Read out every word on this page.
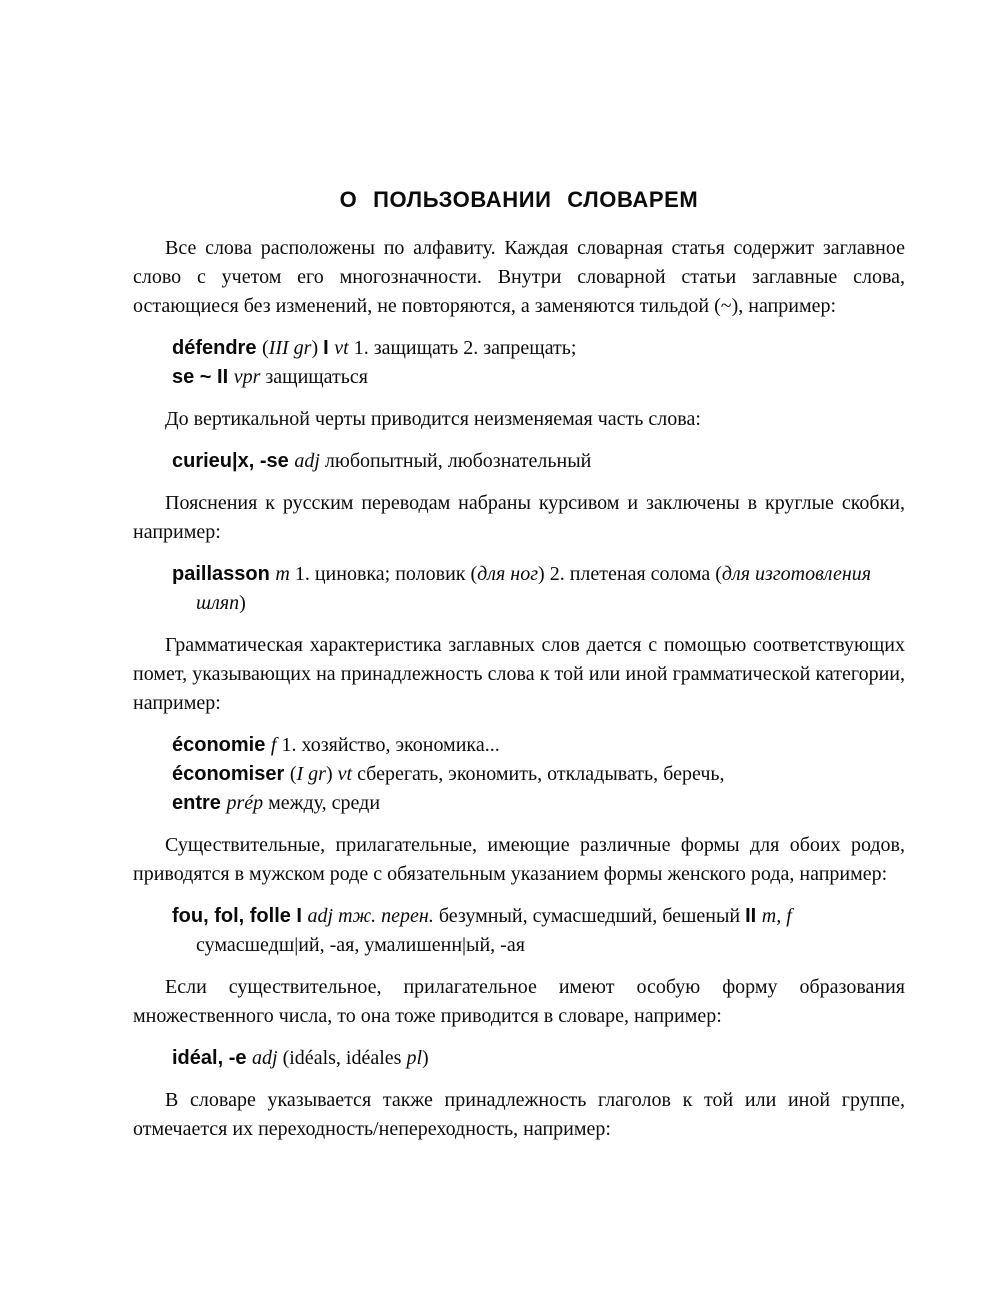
О ПОЛЬЗОВАНИИ СЛОВАРЕМ

Все слова расположены по алфавиту. Каждая словарная статья содержит заглавное слово с учетом его многозначности. Внутри словарной статьи заглавные слова, остающиеся без изменений, не повторяются, а заменяются тильдой (~), например:

défendre (III gr) I vt 1. защищать 2. запрещать;
se ~ II vpr защищаться

До вертикальной черты приводится неизменяемая часть слова:

curieu|x, -se adj любопытный, любознательный

Пояснения к русским переводам набраны курсивом и заключены в круглые скобки, например:

paillasson m 1. циновка; половик (для ног) 2. плетеная солома (для изготовления
шляп)

Грамматическая характеристика заглавных слов дается с помощью соответствующих помет, указывающих на принадлежность слова к той или иной грамматической категории, например:

économie f 1. хозяйство, экономика...
économiser (I gr) vt сберегать, экономить, откладывать, беречь,
entre prép между, среди

Существительные, прилагательные, имеющие различные формы для обоих родов, приводятся в мужском роде с обязательным указанием формы женского рода, например:

fou, fol, folle I adj тж. перен. безумный, сумасшедший, бешеный II m, f
сумасшедш|ий, -ая, умалишенн|ый, -ая

Если существительное, прилагательное имеют особую форму образования множественного числа, то она тоже приводится в словаре, например:

idéal, -e adj (idéals, idéales pl)

В словаре указывается также принадлежность глаголов к той или иной группе, отмечается их переходность/непереходность, например:
